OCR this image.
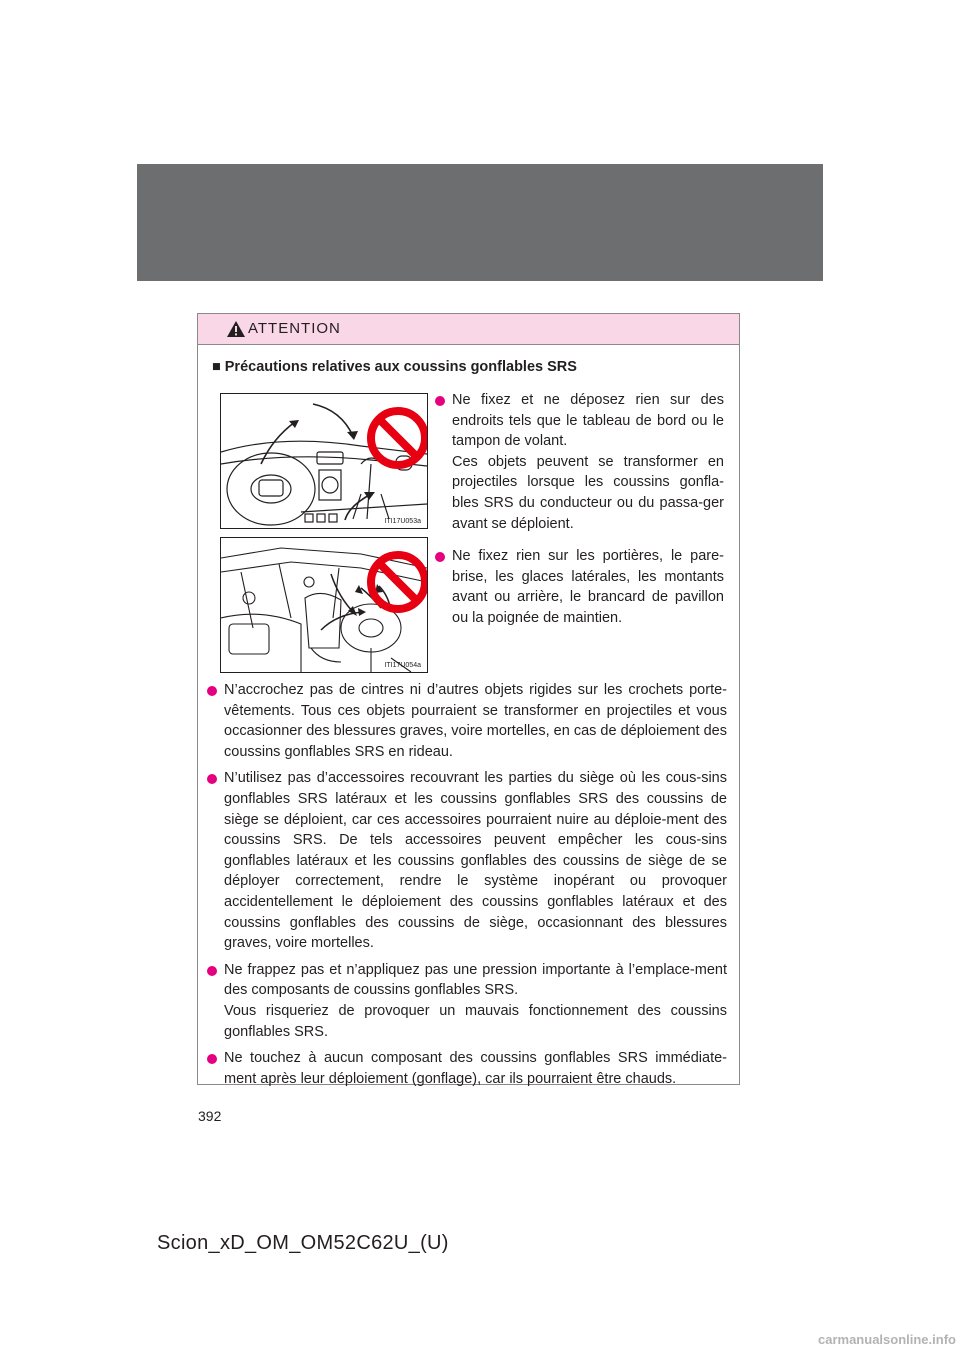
ATTENTION
■ Précautions relatives aux coussins gonflables SRS
ITI17U053a
ITI17U054a
Ne fixez et ne déposez rien sur des endroits tels que le tableau de bord ou le tampon de volant.
Ces objets peuvent se transformer en projectiles lorsque les coussins gonfla-bles SRS du conducteur ou du passa-ger avant se déploient.
Ne fixez rien sur les portières, le pare-brise, les glaces latérales, les montants avant ou arrière, le brancard de pavillon ou la poignée de maintien.
N’accrochez pas de cintres ni d’autres objets rigides sur les crochets porte-vêtements. Tous ces objets pourraient se transformer en projectiles et vous occasionner des blessures graves, voire mortelles, en cas de déploiement des coussins gonflables SRS en rideau.
N’utilisez pas d’accessoires recouvrant les parties du siège où les cous-sins gonflables SRS latéraux et les coussins gonflables SRS des coussins de siège se déploient, car ces accessoires pourraient nuire au déploie-ment des coussins SRS. De tels accessoires peuvent empêcher les cous-sins gonflables latéraux et les coussins gonflables des coussins de siège de se déployer correctement, rendre le système inopérant ou provoquer accidentellement le déploiement des coussins gonflables latéraux et des coussins gonflables des coussins de siège, occasionnant des blessures graves, voire mortelles.
Ne frappez pas et n’appliquez pas une pression importante à l’emplace-ment des composants de coussins gonflables SRS.
Vous risqueriez de provoquer un mauvais fonctionnement des coussins gonflables SRS.
Ne touchez à aucun composant des coussins gonflables SRS immédiate-ment après leur déploiement (gonflage), car ils pourraient être chauds.
392
Scion_xD_OM_OM52C62U_(U)
carmanualsonline.info
